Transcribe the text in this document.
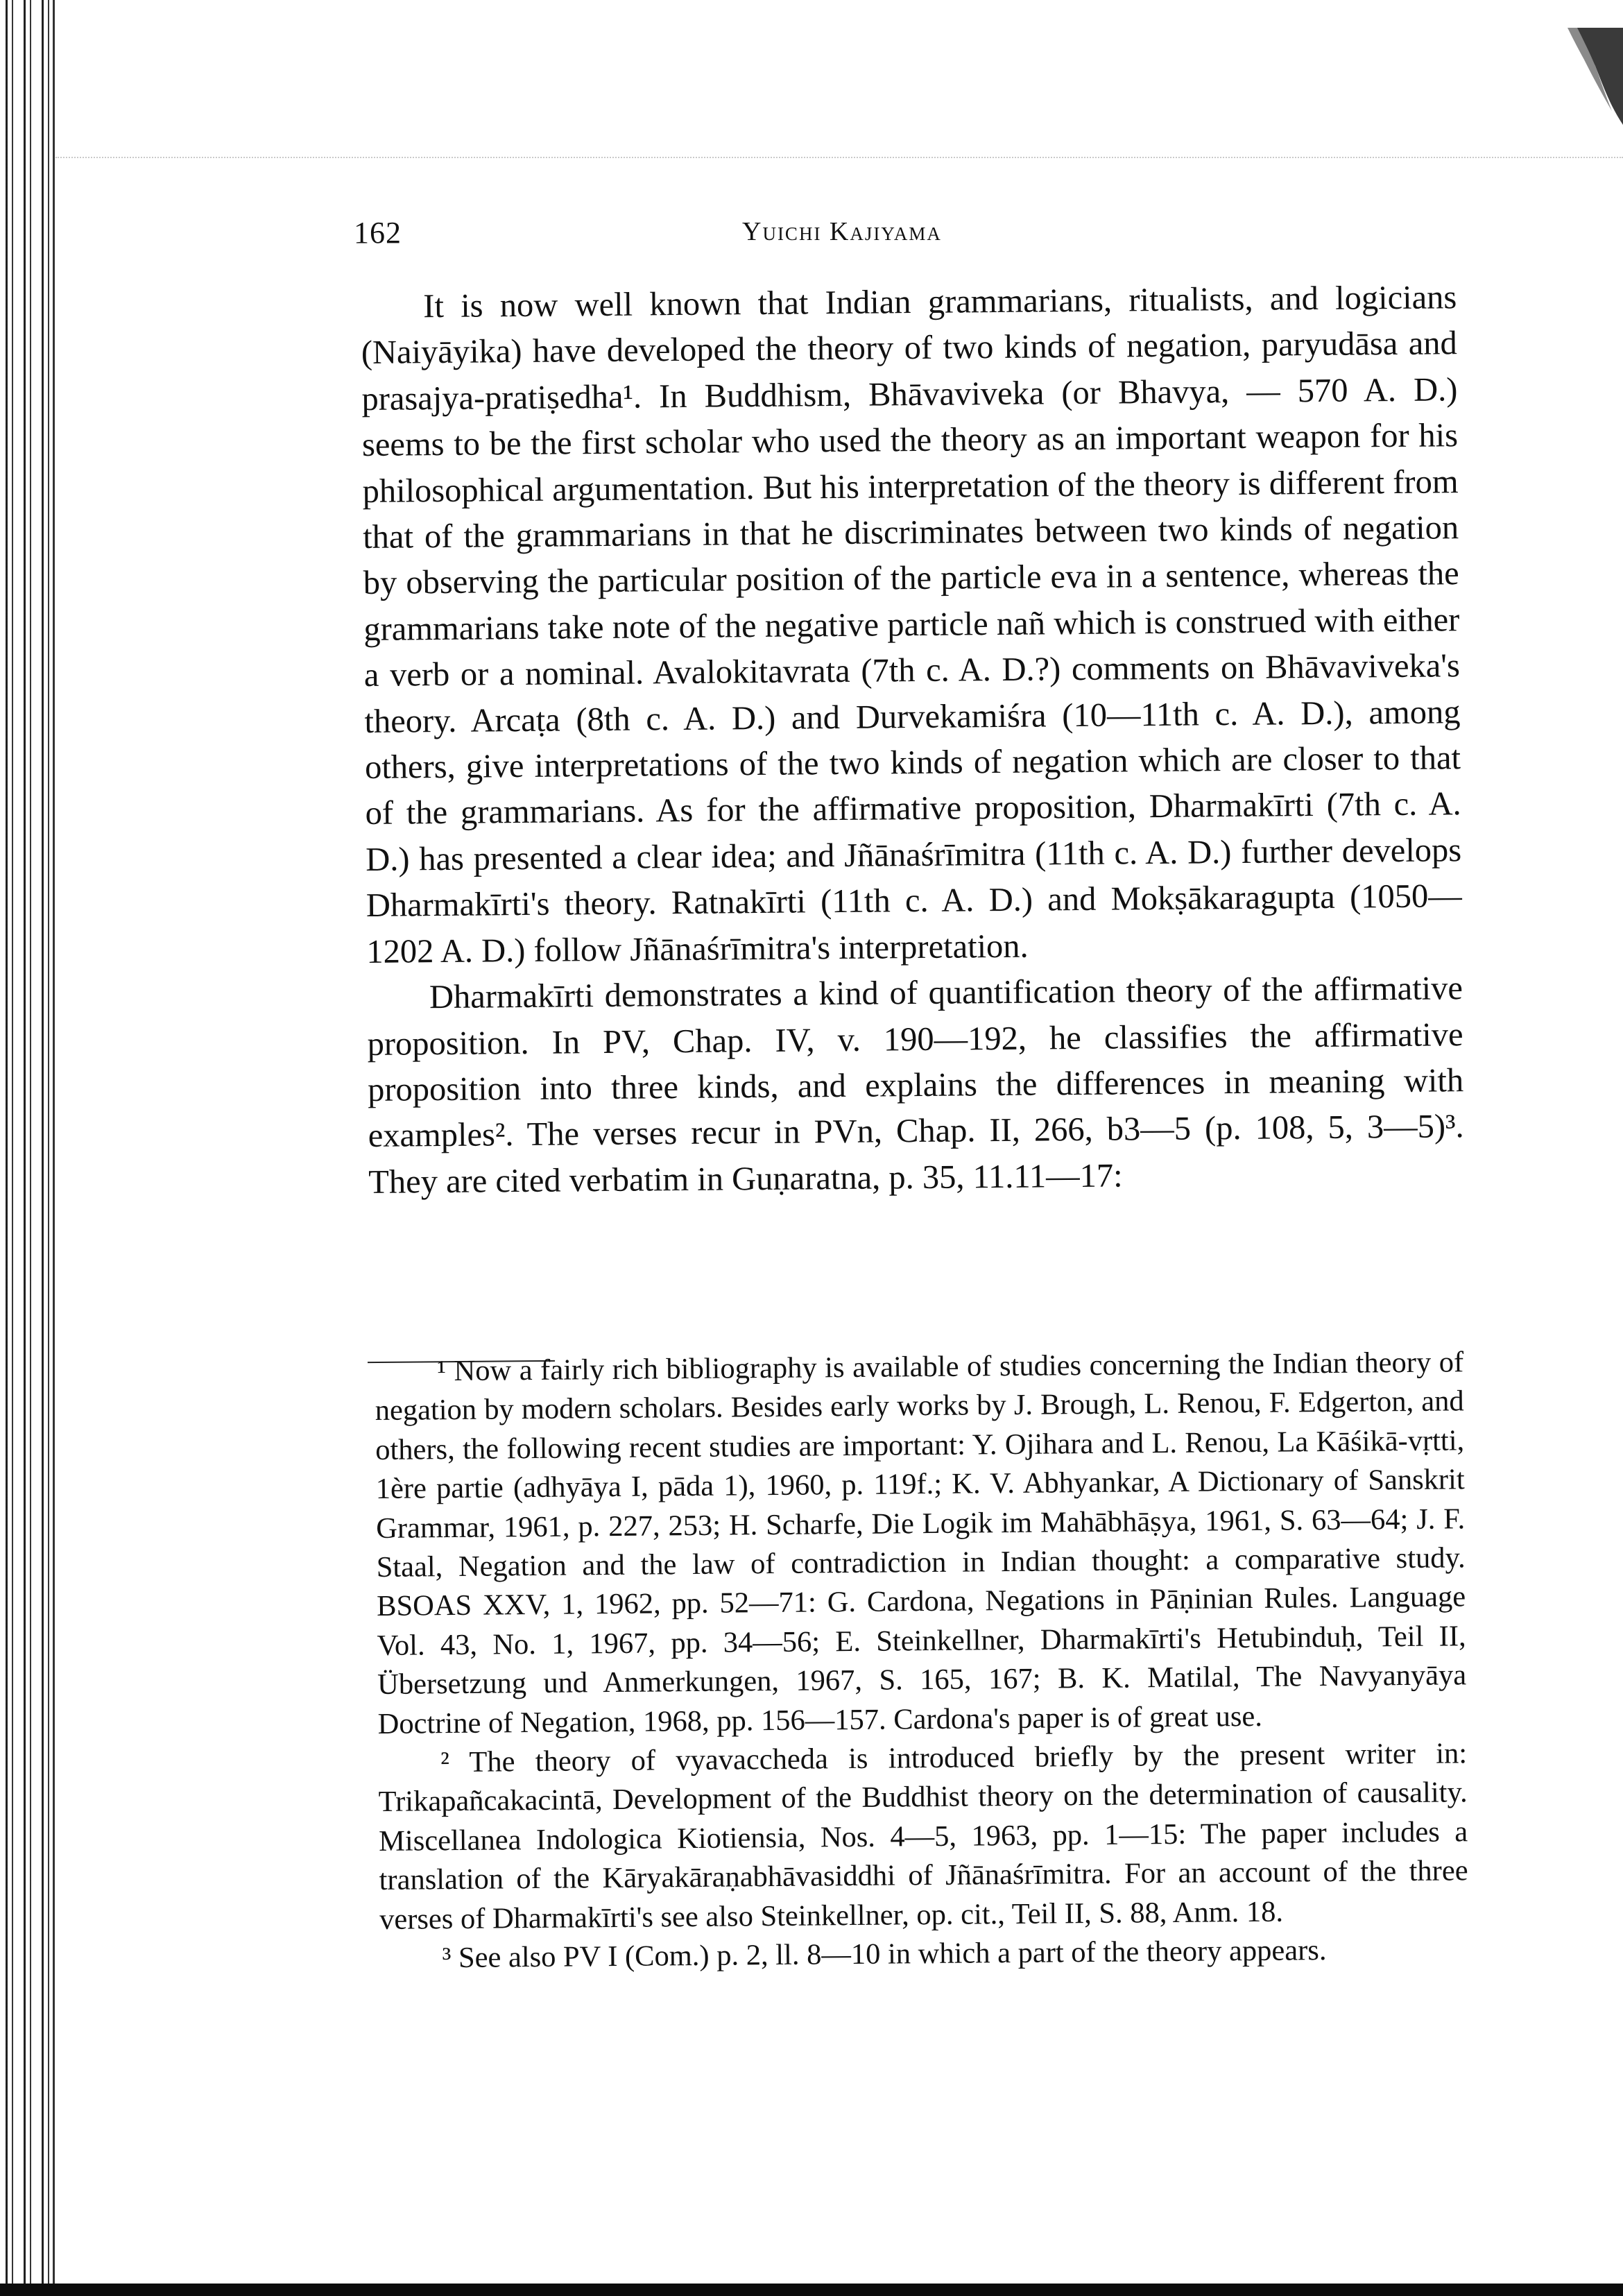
162	Yuichi Kajiyama

It is now well known that Indian grammarians, ritualists, and logicians (Naiyāyika) have developed the theory of two kinds of negation, paryudāsa and prasajya-pratiṣedha¹. In Buddhism, Bhāvaviveka (or Bhavya, — 570 A. D.) seems to be the first scholar who used the theory as an important weapon for his philosophical argumentation. But his interpretation of the theory is different from that of the grammarians in that he discriminates between two kinds of negation by observing the particular position of the particle eva in a sentence, whereas the grammarians take note of the negative particle nañ which is construed with either a verb or a nominal. Avalokitavrata (7th c. A. D.?) comments on Bhāvaviveka's theory. Arcaṭa (8th c. A. D.) and Durvekamiśra (10—11th c. A. D.), among others, give interpretations of the two kinds of negation which are closer to that of the grammarians. As for the affirmative proposition, Dharmakīrti (7th c. A. D.) has presented a clear idea; and Jñānaśrīmitra (11th c. A. D.) further develops Dharmakīrti's theory. Ratnakīrti (11th c. A. D.) and Mokṣākaragupta (1050—1202 A. D.) follow Jñānaśrīmitra's interpretation.

Dharmakīrti demonstrates a kind of quantification theory of the affirmative proposition. In PV, Chap. IV, v. 190—192, he classifies the affirmative proposition into three kinds, and explains the differences in meaning with examples². The verses recur in PVn, Chap. II, 266, b3—5 (p. 108, 5, 3—5)³. They are cited verbatim in Guṇaratna, p. 35, 11.11—17:

¹ Now a fairly rich bibliography is available of studies concerning the Indian theory of negation by modern scholars. Besides early works by J. Brough, L. Renou, F. Edgerton, and others, the following recent studies are important: Y. Ojihara and L. Renou, La Kāśikā-vṛtti, 1ère partie (adhyāya I, pāda 1), 1960, p. 119f.; K. V. Abhyankar, A Dictionary of Sanskrit Grammar, 1961, p. 227, 253; H. Scharfe, Die Logik im Mahābhāṣya, 1961, S. 63—64; J. F. Staal, Negation and the law of contradiction in Indian thought: a comparative study. BSOAS XXV, 1, 1962, pp. 52—71: G. Cardona, Negations in Pāṇinian Rules. Language Vol. 43, No. 1, 1967, pp. 34—56; E. Steinkellner, Dharmakīrti's Hetubinduḥ, Teil II, Übersetzung und Anmerkungen, 1967, S. 165, 167; B. K. Matilal, The Navyanyāya Doctrine of Negation, 1968, pp. 156—157. Cardona's paper is of great use.

² The theory of vyavaccheda is introduced briefly by the present writer in: Trikapañcakacintā, Development of the Buddhist theory on the determination of causality. Miscellanea Indologica Kiotiensia, Nos. 4—5, 1963, pp. 1—15: The paper includes a translation of the Kāryakāraṇabhāvasiddhi of Jñānaśrīmitra. For an account of the three verses of Dharmakīrti's see also Steinkellner, op. cit., Teil II, S. 88, Anm. 18.

³ See also PV I (Com.) p. 2, ll. 8—10 in which a part of the theory appears.
